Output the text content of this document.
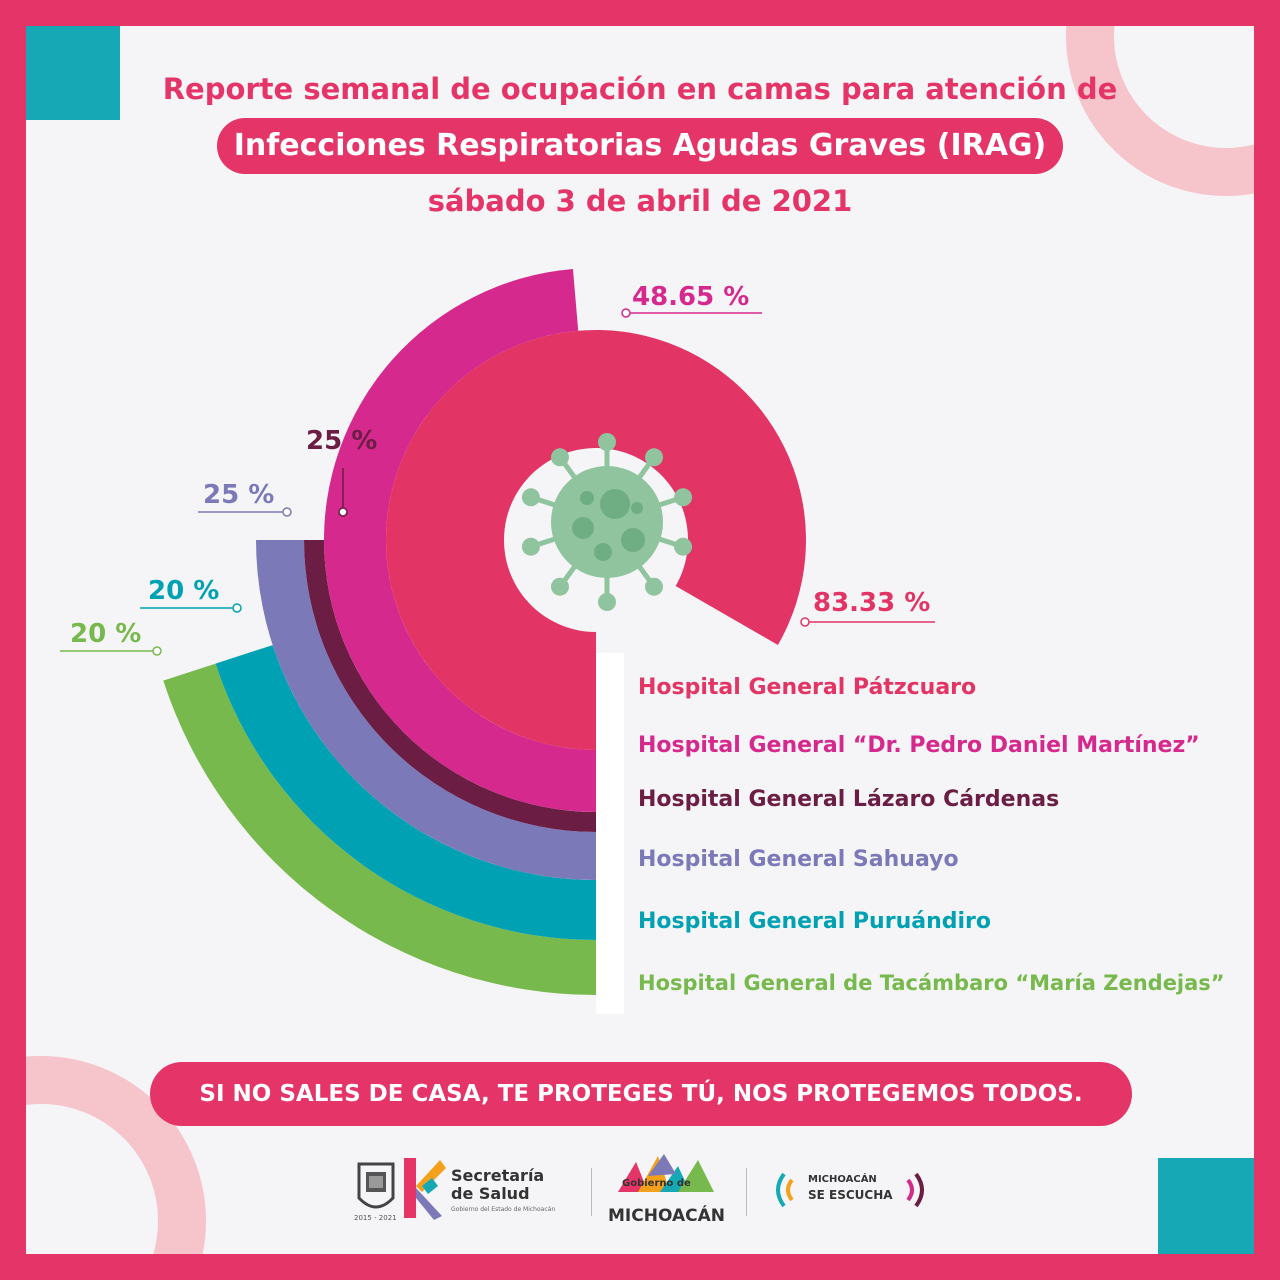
Reporte semanal de ocupación en camas para atención de
Infecciones Respiratorias Agudas Graves (IRAG)
sábado 3 de abril de 2021
83.33 %
48.65 %
25 %
25 %
20 %
20 %
Hospital General Pátzcuaro
Hospital General “Dr. Pedro Daniel Martínez”
Hospital General Lázaro Cárdenas
Hospital General Sahuayo
Hospital General Puruándiro
Hospital General de Tacámbaro “María Zendejas”
SI NO SALES DE CASA, TE PROTEGES TÚ, NOS PROTEGEMOS TODOS.
2015 - 2021
Secretaría
de Salud
Gobierno del Estado de Michoacán
Gobierno de
MICHOACÁN
MICHOACÁN
SE ESCUCHA
